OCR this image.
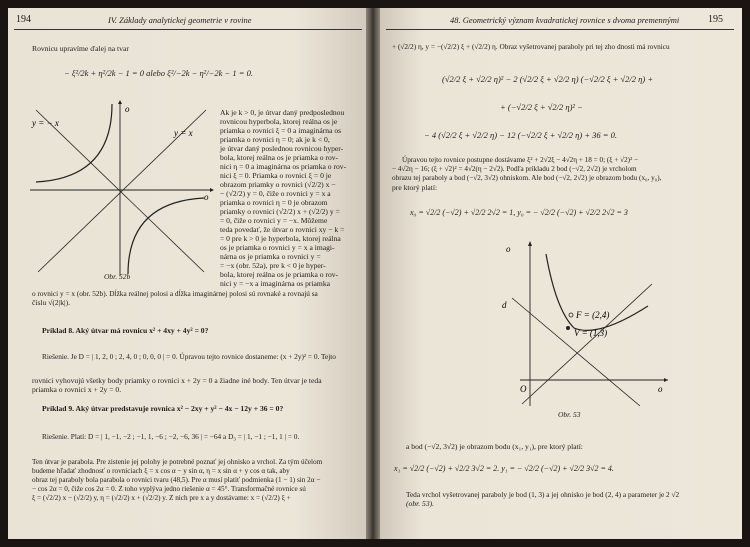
194	IV. Základy analytickej geometrie v rovine
Rovnicu upravíme ďalej na tvar
− ξ²/2k + η²/2k − 1 = 0 alebo ξ²/−2k − η²/−2k − 1 = 0.
o
o
y = − x
y = x
Obr. 52b
Ak je k > 0, je útvar daný predposlednou
rovnicou hyperbola, ktorej reálna os je
priamka o rovnici ξ = 0 a imaginárna os
priamka o rovnici η = 0; ak je k < 0,
je útvar daný poslednou rovnicou hyper-
bola, ktorej reálna os je priamka o rov-
nici η = 0 a imaginárna os priamka o rov-
nici ξ = 0. Priamka o rovnici ξ = 0 je
obrazom priamky o rovnici (√2/2) x −
− (√2/2) y = 0, čiže o rovnici y = x a
priamka o rovnici η = 0 je obrazom
priamky o rovnici (√2/2) x + (√2/2) y =
= 0, čiže o rovnici y = −x. Môžeme
teda povedať, že útvar o rovnici xy − k =
= 0 pre k > 0 je hyperbola, ktorej reálna
os je priamka o rovnici y = x a imagi-
nárna os je priamka o rovnici y =
= −x (obr. 52a), pre k < 0 je hyper-
bola, ktorej reálna os je priamka o rov-
nici y = −x a imaginárna os priamka
o rovnici y = x (obr. 52b). Dĺžka reálnej polosi a dĺžka imaginárnej polosi sú rovnaké a rovnajú sa
číslu √(2|k|).
Príklad 8. Aký útvar má rovnicu x² + 4xy + 4y² = 0?
Riešenie. Je D = | 1, 2, 0 ; 2, 4, 0 ; 0, 0, 0 | = 0. Úpravou tejto rovnice dostaneme: (x + 2y)² = 0. Tejto
rovnici vyhovujú všetky body priamky o rovnici x + 2y = 0 a žiadne iné body. Ten útvar je teda
priamka o rovnici x + 2y = 0.
Príklad 9. Aký útvar predstavuje rovnica x² − 2xy + y² − 4x − 12y + 36 = 0?
Riešenie. Platí: D = | 1, −1, −2 ; −1, 1, −6 ; −2, −6, 36 | = −64 a D₃ = | 1, −1 ; −1, 1 | = 0.
Ten útvar je parabola. Pre zistenie jej polohy je potrebné poznať jej ohnisko a vrchol. Za tým účelom
budeme hľadať zhodnosť o rovniciach ξ = x cos α − y sin α, η = x sin α + y cos α tak, aby
obraz tej paraboly bola parabola o rovnici tvaru (48,5). Pre α musí platiť podmienka (1 − 1) sin 2α −
− cos 2α = 0, čiže cos 2α = 0. Z toho vyplýva jedno riešenie α = 45°. Transformačné rovnice sú
ξ = (√2/2) x − (√2/2) y, η = (√2/2) x + (√2/2) y. Z nich pre x a y dostávame: x = (√2/2) ξ +
48. Geometrický význam kvadratickej rovnice s dvoma premennými	195
+ (√2/2) η, y = −(√2/2) ξ + (√2/2) η. Obraz vyšetrovanej paraboly pri tej zho dnosti má rovnicu
(√2/2 ξ + √2/2 η)² − 2 (√2/2 ξ + √2/2 η) (−√2/2 ξ + √2/2 η) +
+ (−√2/2 ξ + √2/2 η)² −
− 4 (√2/2 ξ + √2/2 η) − 12 (−√2/2 ξ + √2/2 η) + 36 = 0.
Úpravou tejto rovnice postupne dostávame ξ² + 2√2ξ − 4√2η + 18 = 0; (ξ + √2)² −
− 4√2η − 16; (ξ + √2)² = 4√2(η − 2√2). Podľa príkladu 2 bod (−√2, 2√2) je vrcholom
obrazu tej paraboly a bod (−√2, 3√2) ohniskom. Ale bod (−√2, 2√2) je obrazom bodu (x₀, y₀),
pre ktorý platí:
x₀ = √2/2 (−√2) + √2/2 2√2 = 1, y₀ = − √2/2 (−√2) + √2/2 2√2 = 3
o
o
d
F = (2,4)
V = (1,3)
O
Obr. 53
a bod (−√2, 3√2) je obrazom bodu (x₁, y₁), pre ktorý platí:
x₁ = √2/2 (−√2) + √2/2 3√2 = 2. y₁ = − √2/2 (−√2) + √2/2 3√2 = 4.
Teda vrchol vyšetrovanej paraboly je bod (1, 3) a jej ohnisko je bod (2, 4) a parameter je 2 √2
(obr. 53).
